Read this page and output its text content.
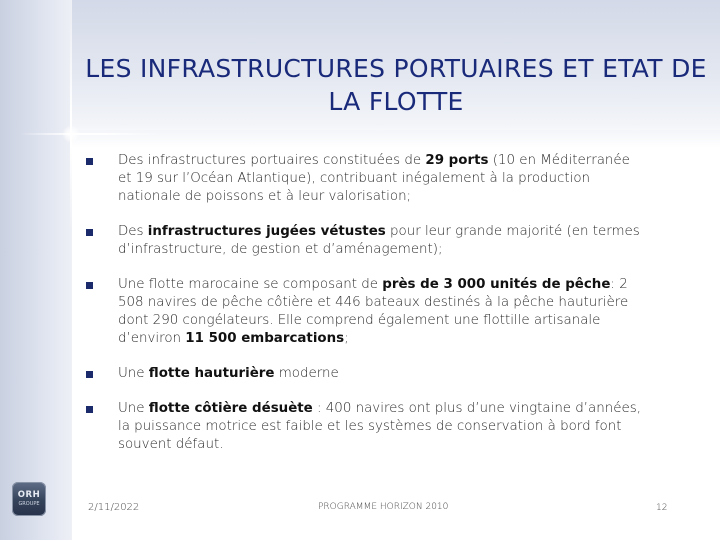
LES INFRASTRUCTURES PORTUAIRES ET ETAT DE LA FLOTTE
Des infrastructures portuaires constituées de 29 ports (10 en Méditerranée et 19 sur l’Océan Atlantique), contribuant inégalement à la production nationale de poissons et à leur valorisation;
Des infrastructures jugées vétustes pour leur grande majorité (en termes d’infrastructure, de gestion et d’aménagement);
Une flotte marocaine se composant de près de 3 000 unités de pêche: 2 508 navires de pêche côtière et 446 bateaux destinés à la pêche hauturière dont 290 congélateurs. Elle comprend également une flottille artisanale d’environ 11 500 embarcations;
Une flotte hauturière moderne
Une flotte côtière désuète : 400 navires ont plus d’une vingtaine d’années, la puissance motrice est faible et les systèmes de conservation à bord font souvent défaut.
ORH
GROUPE	2/11/2022	PROGRAMME HORIZON 2010	12
